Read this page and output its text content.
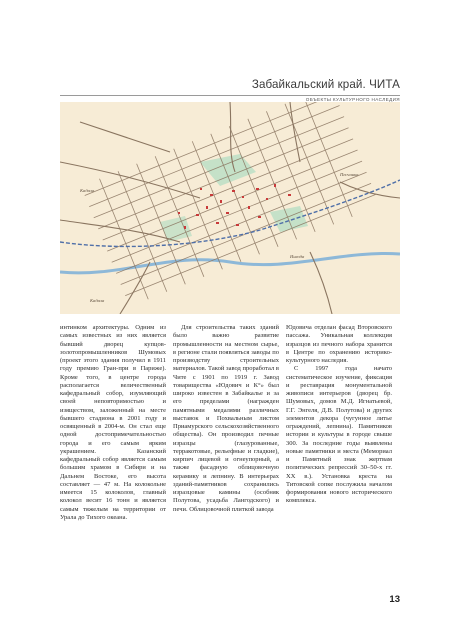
Забайкальский край. ЧИТА
ОБЪЕКТЫ КУЛЬТУРНОГО НАСЛЕДИЯ
Кадала
Кадала
Ингода
Песчанка

интинком архитектуры. Одним из самых известных из них является бывший дворец купцов-золотопромышленников Шумовых (проект этого здания получил в 1911 году премию Гран-при в Париже). Кроме того, в центре города располагается величественный кафедральный собор, изумляющий своей неповторимостью и изяществом, заложенный на месте бывшего стадиона в 2001 году и освященный в 2004-м. Он стал еще одной достопримечательностью города и его самым ярким украшением. Казанский кафедральный собор является самым большим храмом в Сибири и на Дальнем Востоке, его высота составляет — 47 м. На колокольне имеется 15 колоколов, главный колокол весит 16 тонн и является самым тяжелым на территории от Урала до Тихого океана.

Для строительства таких зданий было важно развитие промышленности на местном сырье, в регионе стали появляться заводы по производству строительных материалов. Такой завод проработал в Чите с 1901 по 1919 г. Завод товарищества «Юдович и К°» был широко известен в Забайкалье и за его пределами (награжден памятными медалями различных выставок и Похвальным листом Приамурского сельскохозяйственного общества). Он производил печные изразцы (глазурованные, терракотовые, рельефные и гладкие), кирпич лицевой и огнеупорный, а также фасадную облицовочную керамику и лепнину. В интерьерах зданий-памятников сохранились изразцовые камины (особняк Полутова, усадьба Лангодского) и печи. Облицовочной плиткой завода

Юдовича отделан фасад Второвского пассажа. Уникальная коллекция изразцов из печного набора хранится в Центре по охранению историко-культурного наследия.

С 1997 года начато систематическое изучение, фиксация и реставрация монументальной живописи интерьеров (дворец бр. Шумовых, домов М.Д. Игнатьевой, Г.Г. Энгеля, Д.В. Полутова) и других элементов декора (чугунное литье ограждений, лепнина). Памятников истории и культуры в городе свыше 300. За последние годы выявлены новые памятники и места (Мемориал и Памятный знак жертвам политических репрессий 30–50-х гг. XX в.). Установка креста на Титовской сопке послужила началом формирования нового исторического комплекса.

13
